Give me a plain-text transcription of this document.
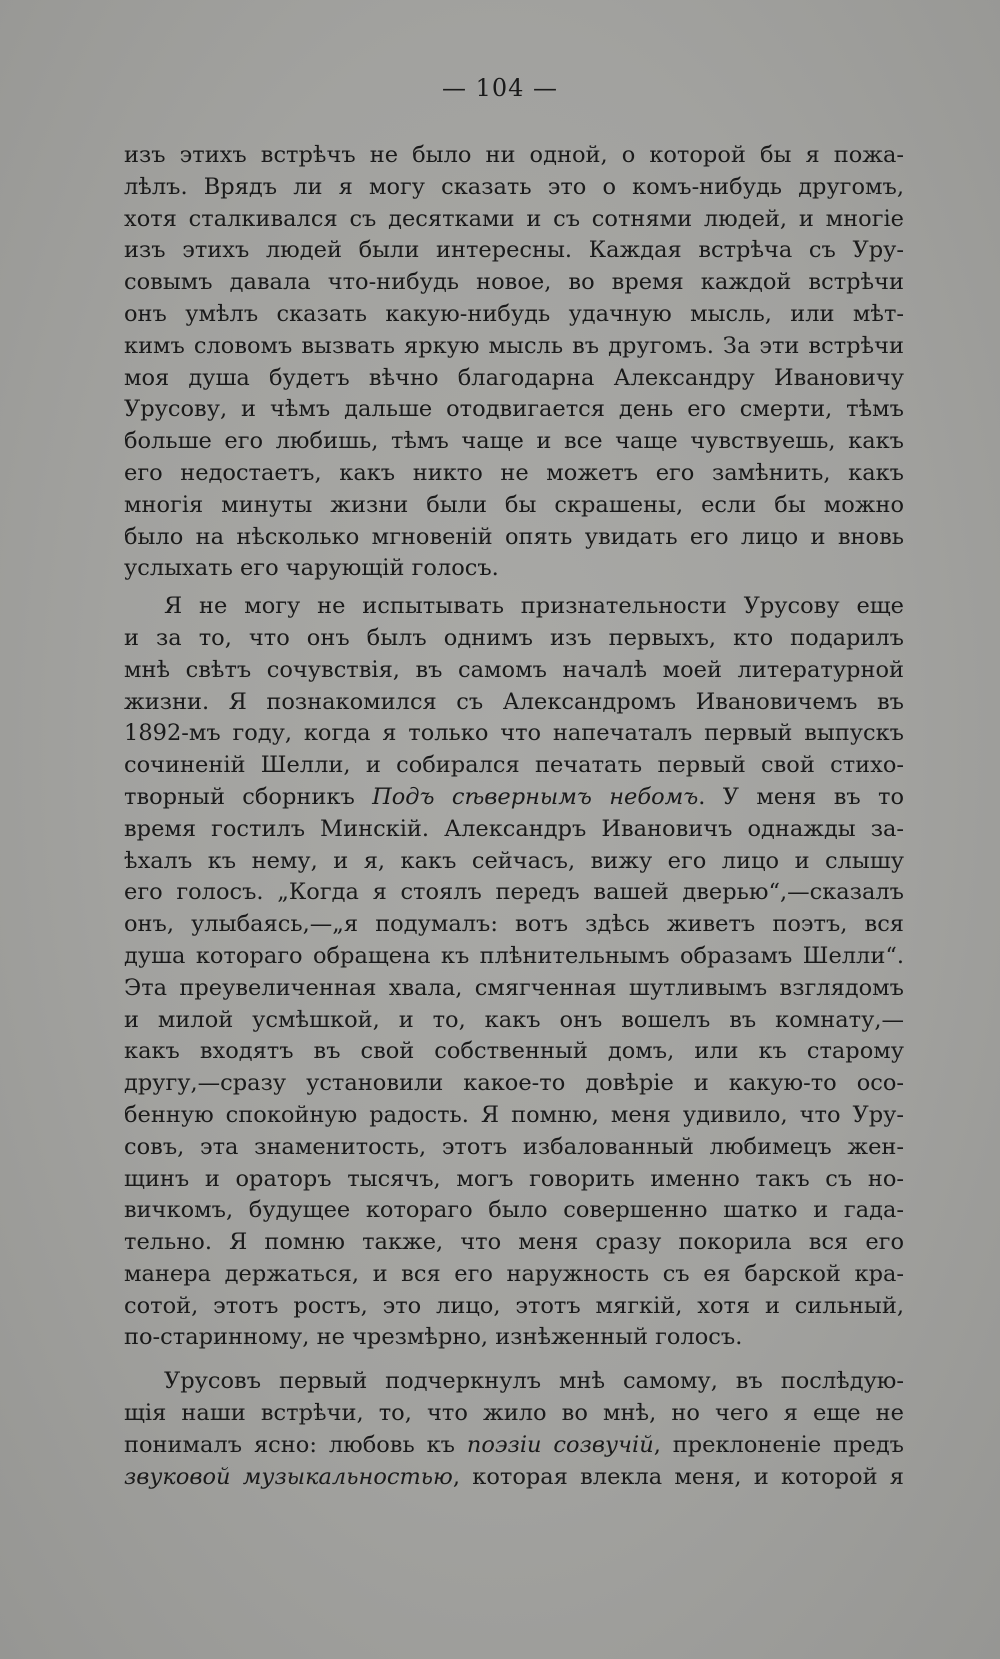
— 104 —
изъ этихъ встрѣчъ не было ни одной, о которой бы я пожа-
лѣлъ. Врядъ ли я могу сказать это о комъ-нибудь другомъ,
хотя сталкивался съ десятками и съ сотнями людей, и многіе
изъ этихъ людей были интересны. Каждая встрѣча съ Уру-
совымъ давала что-нибудь новое, во время каждой встрѣчи
онъ умѣлъ сказать какую-нибудь удачную мысль, или мѣт-
кимъ словомъ вызвать яркую мысль въ другомъ. За эти встрѣчи
моя душа будетъ вѣчно благодарна Александру Ивановичу
Урусову, и чѣмъ дальше отодвигается день его смерти, тѣмъ
больше его любишь, тѣмъ чаще и все чаще чувствуешь, какъ
его недостаетъ, какъ никто не можетъ его замѣнить, какъ
многія минуты жизни были бы скрашены, если бы можно
было на нѣсколько мгновеній опять увидать его лицо и вновь
услыхать его чарующій голосъ.
Я не могу не испытывать признательности Урусову еще
и за то, что онъ былъ однимъ изъ первыхъ, кто подарилъ
мнѣ свѣтъ сочувствія, въ самомъ началѣ моей литературной
жизни. Я познакомился съ Александромъ Ивановичемъ въ
1892-мъ году, когда я только что напечаталъ первый выпускъ
сочиненій Шелли, и собирался печатать первый свой стихо-
творный сборникъ Подъ сѣвернымъ небомъ. У меня въ то
время гостилъ Минскій. Александръ Ивановичъ однажды за-
ѣхалъ къ нему, и я, какъ сейчасъ, вижу его лицо и слышу
его голосъ. „Когда я стоялъ передъ вашей дверью“,—сказалъ
онъ, улыбаясь,—„я подумалъ: вотъ здѣсь живетъ поэтъ, вся
душа котораго обращена къ плѣнительнымъ образамъ Шелли“.
Эта преувеличенная хвала, смягченная шутливымъ взглядомъ
и милой усмѣшкой, и то, какъ онъ вошелъ въ комнату,—
какъ входятъ въ свой собственный домъ, или къ старому
другу,—сразу установили какое-то довѣріе и какую-то осо-
бенную спокойную радость. Я помню, меня удивило, что Уру-
совъ, эта знаменитость, этотъ избалованный любимецъ жен-
щинъ и ораторъ тысячъ, могъ говорить именно такъ съ но-
вичкомъ, будущее котораго было совершенно шатко и гада-
тельно. Я помню также, что меня сразу покорила вся его
манера держаться, и вся его наружность съ ея барской кра-
сотой, этотъ ростъ, это лицо, этотъ мягкій, хотя и сильный,
по-старинному, не чрезмѣрно, изнѣженный голосъ.
Урусовъ первый подчеркнулъ мнѣ самому, въ послѣдую-
щія наши встрѣчи, то, что жило во мнѣ, но чего я еще не
понималъ ясно: любовь къ поэзіи созвучій, преклоненіе предъ
звуковой музыкальностью, которая влекла меня, и которой я
